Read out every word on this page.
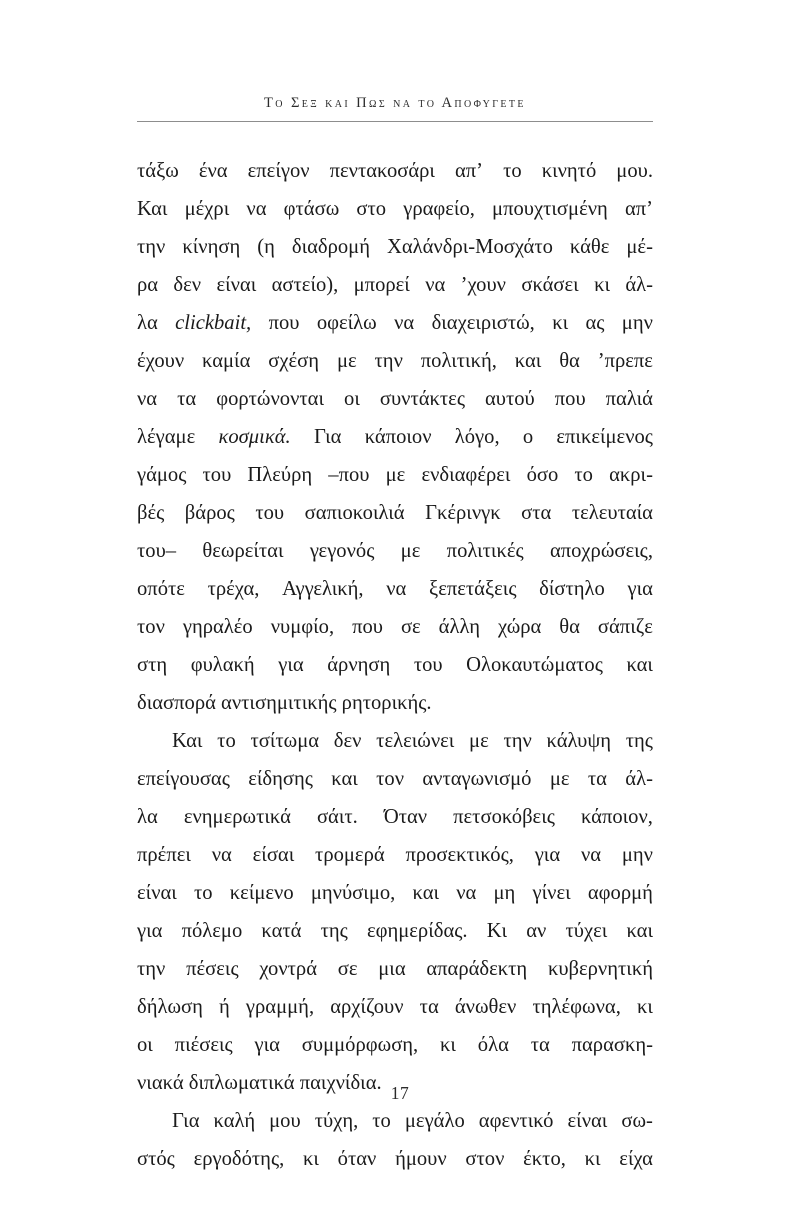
Το Σεξ και Πως να το Αποφυγετε

τάξω ένα επείγον πεντακοσάρι απ’ το κινητό μου.
Και μέχρι να φτάσω στο γραφείο, μπουχτισμένη απ’
την κίνηση (η διαδρομή Χαλάνδρι-Μοσχάτο κάθε μέ-
ρα δεν είναι αστείο), μπορεί να ’χουν σκάσει κι άλ-
λα clickbait, που οφείλω να διαχειριστώ, κι ας μην
έχουν καμία σχέση με την πολιτική, και θα ’πρεπε
να τα φορτώνονται οι συντάκτες αυτού που παλιά
λέγαμε κοσμικά. Για κάποιον λόγο, ο επικείμενος
γάμος του Πλεύρη –που με ενδιαφέρει όσο το ακρι-
βές βάρος του σαπιοκοιλιά Γκέρινγκ στα τελευταία
του– θεωρείται γεγονός με πολιτικές αποχρώσεις,
οπότε τρέχα, Αγγελική, να ξεπετάξεις δίστηλο για
τον γηραλέο νυμφίο, που σε άλλη χώρα θα σάπιζε
στη φυλακή για άρνηση του Ολοκαυτώματος και
διασπορά αντισημιτικής ρητορικής.

Και το τσίτωμα δεν τελειώνει με την κάλυψη της
επείγουσας είδησης και τον ανταγωνισμό με τα άλ-
λα ενημερωτικά σάιτ. Όταν πετσοκόβεις κάποιον,
πρέπει να είσαι τρομερά προσεκτικός, για να μην
είναι το κείμενο μηνύσιμο, και να μη γίνει αφορμή
για πόλεμο κατά της εφημερίδας. Κι αν τύχει και
την πέσεις χοντρά σε μια απαράδεκτη κυβερνητική
δήλωση ή γραμμή, αρχίζουν τα άνωθεν τηλέφωνα, κι
οι πιέσεις για συμμόρφωση, κι όλα τα παρασκη-
νιακά διπλωματικά παιχνίδια.

Για καλή μου τύχη, το μεγάλο αφεντικό είναι σω-
στός εργοδότης, κι όταν ήμουν στον έκτο, κι είχα

17
